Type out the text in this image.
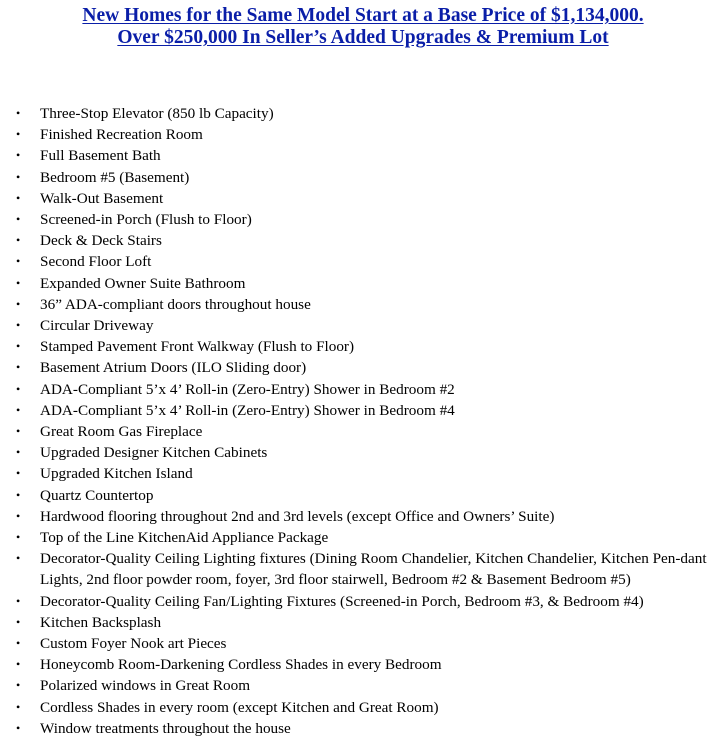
New Homes for the Same Model Start at a Base Price of $1,134,000.
Over $250,000 In Seller’s Added Upgrades & Premium Lot
• Three-Stop Elevator (850 lb Capacity)
• Finished Recreation Room
• Full Basement Bath
• Bedroom #5 (Basement)
• Walk-Out Basement
• Screened-in Porch (Flush to Floor)
• Deck & Deck Stairs
• Second Floor Loft
• Expanded Owner Suite Bathroom
• 36” ADA-compliant doors throughout house
• Circular Driveway
• Stamped Pavement Front Walkway (Flush to Floor)
• Basement Atrium Doors (ILO Sliding door)
• ADA-Compliant 5’x 4’ Roll-in (Zero-Entry) Shower in Bedroom #2
• ADA-Compliant 5’x 4’ Roll-in (Zero-Entry) Shower in Bedroom #4
• Great Room Gas Fireplace
• Upgraded Designer Kitchen Cabinets
• Upgraded Kitchen Island
• Quartz Countertop
• Hardwood flooring throughout 2nd and 3rd levels (except Office and Owners’ Suite)
• Top of the Line KitchenAid Appliance Package
• Decorator-Quality Ceiling Lighting fixtures (Dining Room Chandelier, Kitchen Chandelier, Kitchen Pen-dant Lights, 2nd floor powder room, foyer, 3rd floor stairwell, Bedroom #2 & Basement Bedroom #5)
• Decorator-Quality Ceiling Fan/Lighting Fixtures (Screened-in Porch, Bedroom #3, & Bedroom #4)
• Kitchen Backsplash
• Custom Foyer Nook art Pieces
• Honeycomb Room-Darkening Cordless Shades in every Bedroom
• Polarized windows in Great Room
• Cordless Shades in every room (except Kitchen and Great Room)
• Window treatments throughout the house
